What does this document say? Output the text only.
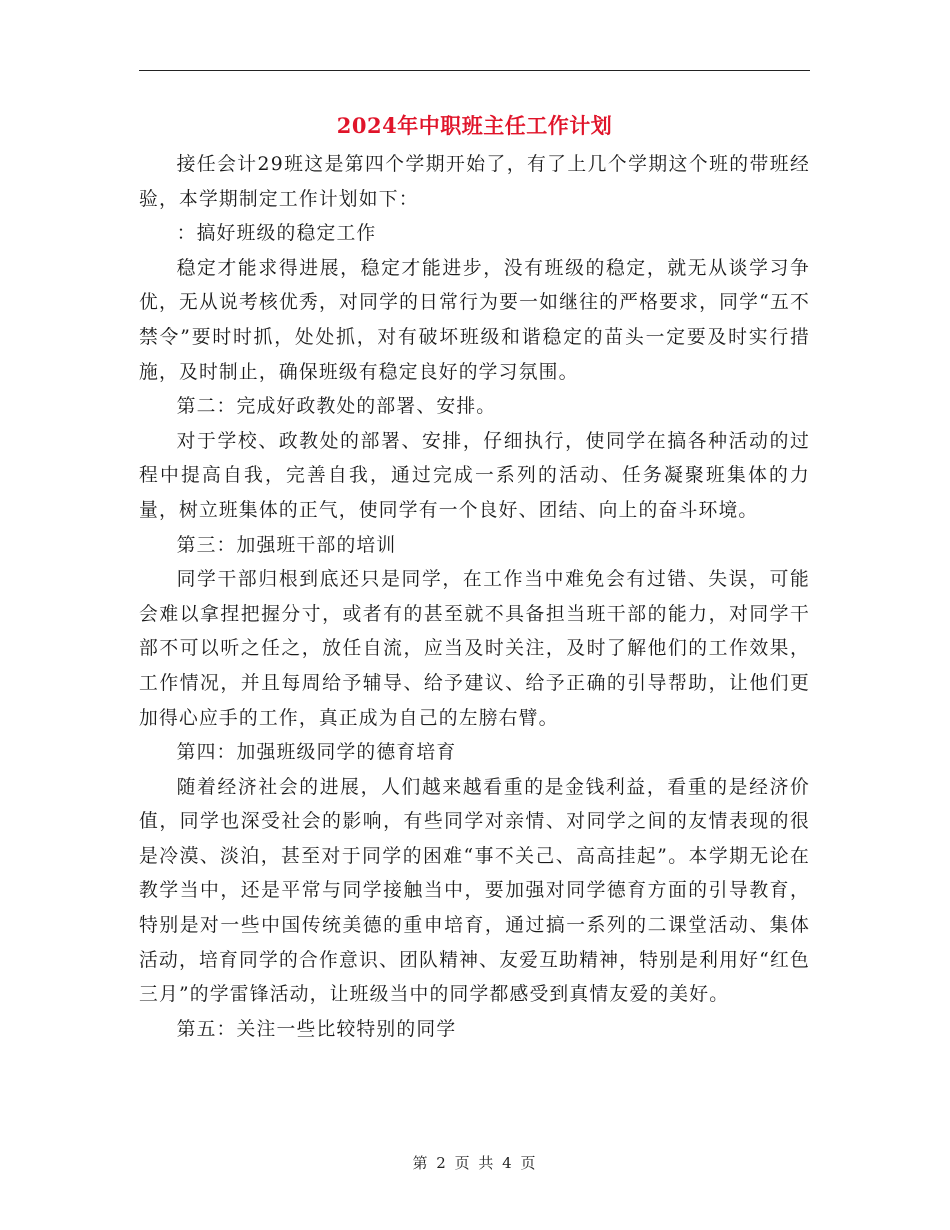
2024年中职班主任工作计划

接任会计29班这是第四个学期开始了，有了上几个学期这个班的带班经验，本学期制定工作计划如下：

：搞好班级的稳定工作

稳定才能求得进展，稳定才能进步，没有班级的稳定，就无从谈学习争优，无从说考核优秀，对同学的日常行为要一如继往的严格要求，同学“五不禁令”要时时抓，处处抓，对有破坏班级和谐稳定的苗头一定要及时实行措施，及时制止，确保班级有稳定良好的学习氛围。

第二：完成好政教处的部署、安排。

对于学校、政教处的部署、安排，仔细执行，使同学在搞各种活动的过程中提高自我，完善自我，通过完成一系列的活动、任务凝聚班集体的力量，树立班集体的正气，使同学有一个良好、团结、向上的奋斗环境。

第三：加强班干部的培训

同学干部归根到底还只是同学，在工作当中难免会有过错、失误，可能会难以拿捏把握分寸，或者有的甚至就不具备担当班干部的能力，对同学干部不可以听之任之，放任自流，应当及时关注，及时了解他们的工作效果，工作情况，并且每周给予辅导、给予建议、给予正确的引导帮助，让他们更加得心应手的工作，真正成为自己的左膀右臂。

第四：加强班级同学的德育培育

随着经济社会的进展，人们越来越看重的是金钱利益，看重的是经济价值，同学也深受社会的影响，有些同学对亲情、对同学之间的友情表现的很是冷漠、淡泊，甚至对于同学的困难“事不关己、高高挂起”。本学期无论在教学当中，还是平常与同学接触当中，要加强对同学德育方面的引导教育，特别是对一些中国传统美德的重申培育，通过搞一系列的二课堂活动、集体活动，培育同学的合作意识、团队精神、友爱互助精神，特别是利用好“红色三月”的学雷锋活动，让班级当中的同学都感受到真情友爱的美好。

第五：关注一些比较特别的同学

第 2 页 共 4 页
